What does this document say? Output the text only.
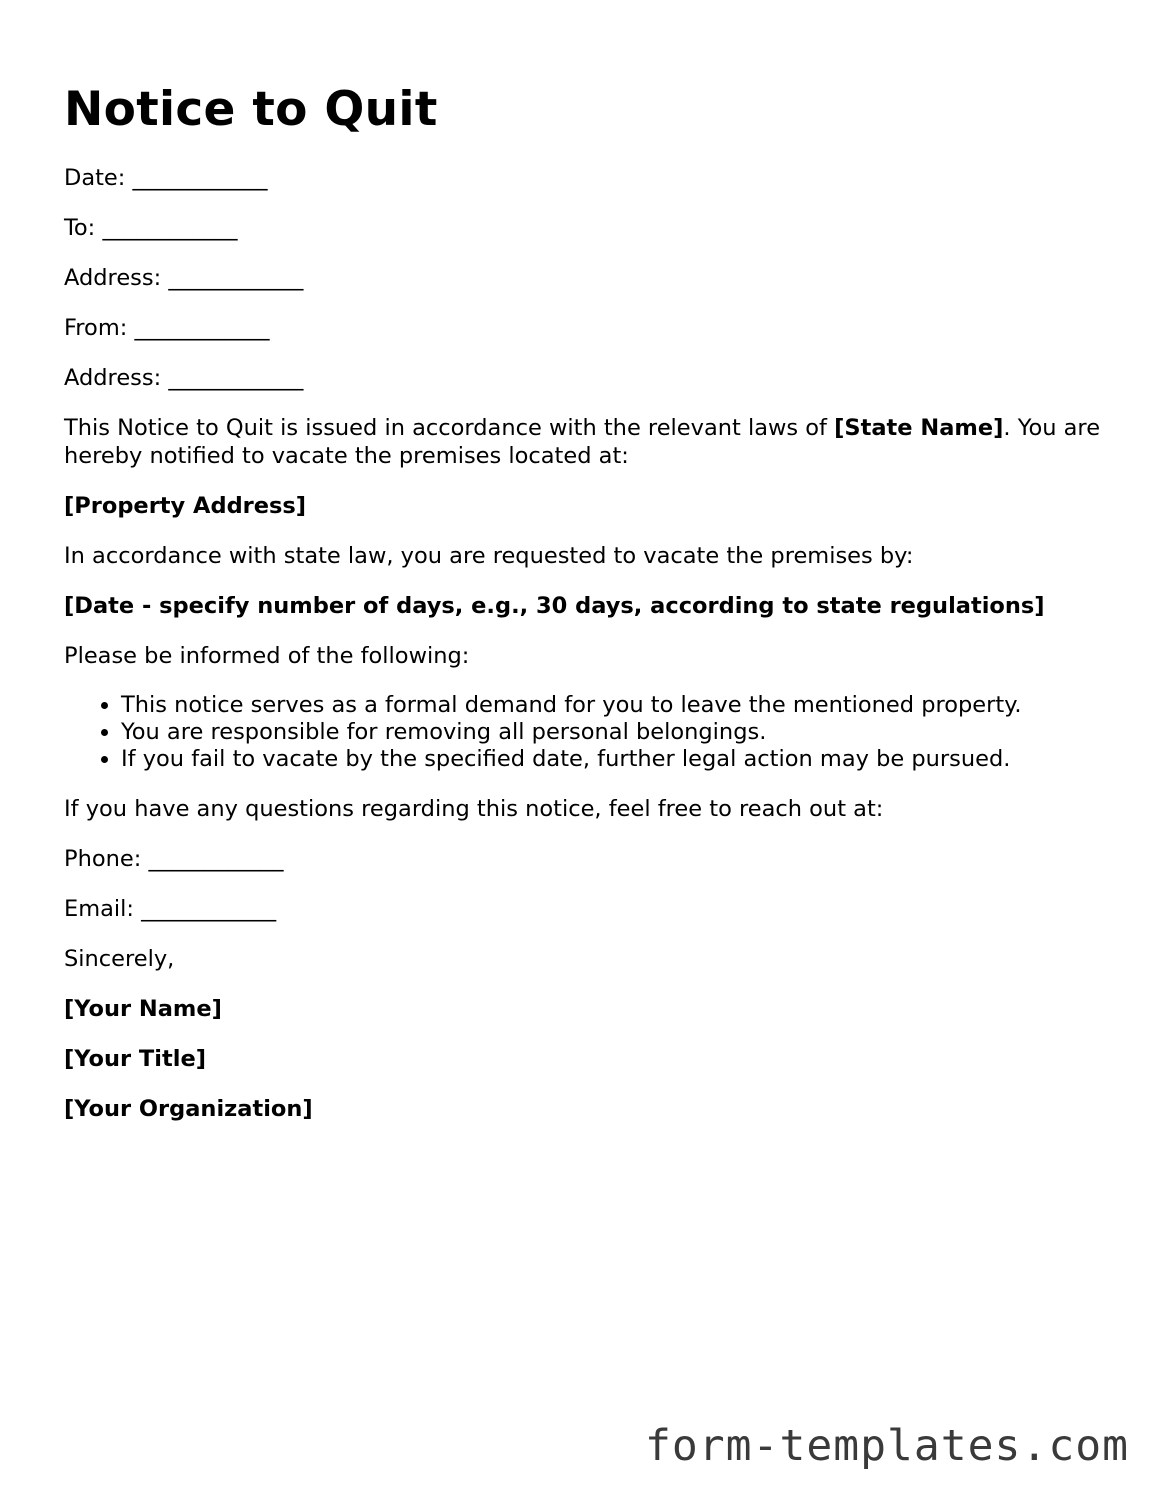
Notice to Quit

Date: ____________

To: ____________

Address: ____________

From: ____________

Address: ____________

This Notice to Quit is issued in accordance with the relevant laws of [State Name]. You are hereby notified to vacate the premises located at:

[Property Address]

In accordance with state law, you are requested to vacate the premises by:

[Date - specify number of days, e.g., 30 days, according to state regulations]

Please be informed of the following:

• This notice serves as a formal demand for you to leave the mentioned property.
• You are responsible for removing all personal belongings.
• If you fail to vacate by the specified date, further legal action may be pursued.

If you have any questions regarding this notice, feel free to reach out at:

Phone: ____________

Email: ____________

Sincerely,

[Your Name]

[Your Title]

[Your Organization]

form-templates.com
